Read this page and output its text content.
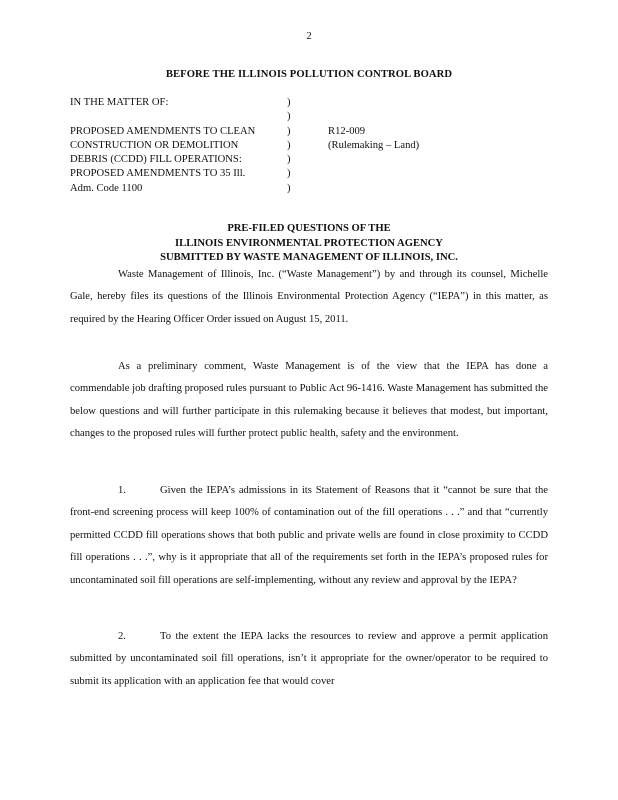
2
BEFORE THE ILLINOIS POLLUTION CONTROL BOARD
IN THE MATTER OF:	)
)
PROPOSED AMENDMENTS TO CLEAN	)	R12-009
CONSTRUCTION OR DEMOLITION	)	(Rulemaking – Land)
DEBRIS (CCDD) FILL OPERATIONS:	)
PROPOSED AMENDMENTS TO 35 Ill.	)
Adm. Code 1100	)
PRE-FILED QUESTIONS OF THE
ILLINOIS ENVIRONMENTAL PROTECTION AGENCY
SUBMITTED BY WASTE MANAGEMENT OF ILLINOIS, INC.

Waste Management of Illinois, Inc. (“Waste Management”) by and through its counsel, Michelle Gale, hereby files its questions of the Illinois Environmental Protection Agency (“IEPA”) in this matter, as required by the Hearing Officer Order issued on August 15, 2011.

As a preliminary comment, Waste Management is of the view that the IEPA has done a commendable job drafting proposed rules pursuant to Public Act 96-1416. Waste Management has submitted the below questions and will further participate in this rulemaking because it believes that modest, but important, changes to the proposed rules will further protect public health, safety and the environment.

1.	Given the IEPA’s admissions in its Statement of Reasons that it “cannot be sure that the front-end screening process will keep 100% of contamination out of the fill operations . . .” and that “currently permitted CCDD fill operations shows that both public and private wells are found in close proximity to CCDD fill operations . . .”, why is it appropriate that all of the requirements set forth in the IEPA’s proposed rules for uncontaminated soil fill operations are self-implementing, without any review and approval by the IEPA?

2.	To the extent the IEPA lacks the resources to review and approve a permit application submitted by uncontaminated soil fill operations, isn’t it appropriate for the owner/operator to be required to submit its application with an application fee that would cover
